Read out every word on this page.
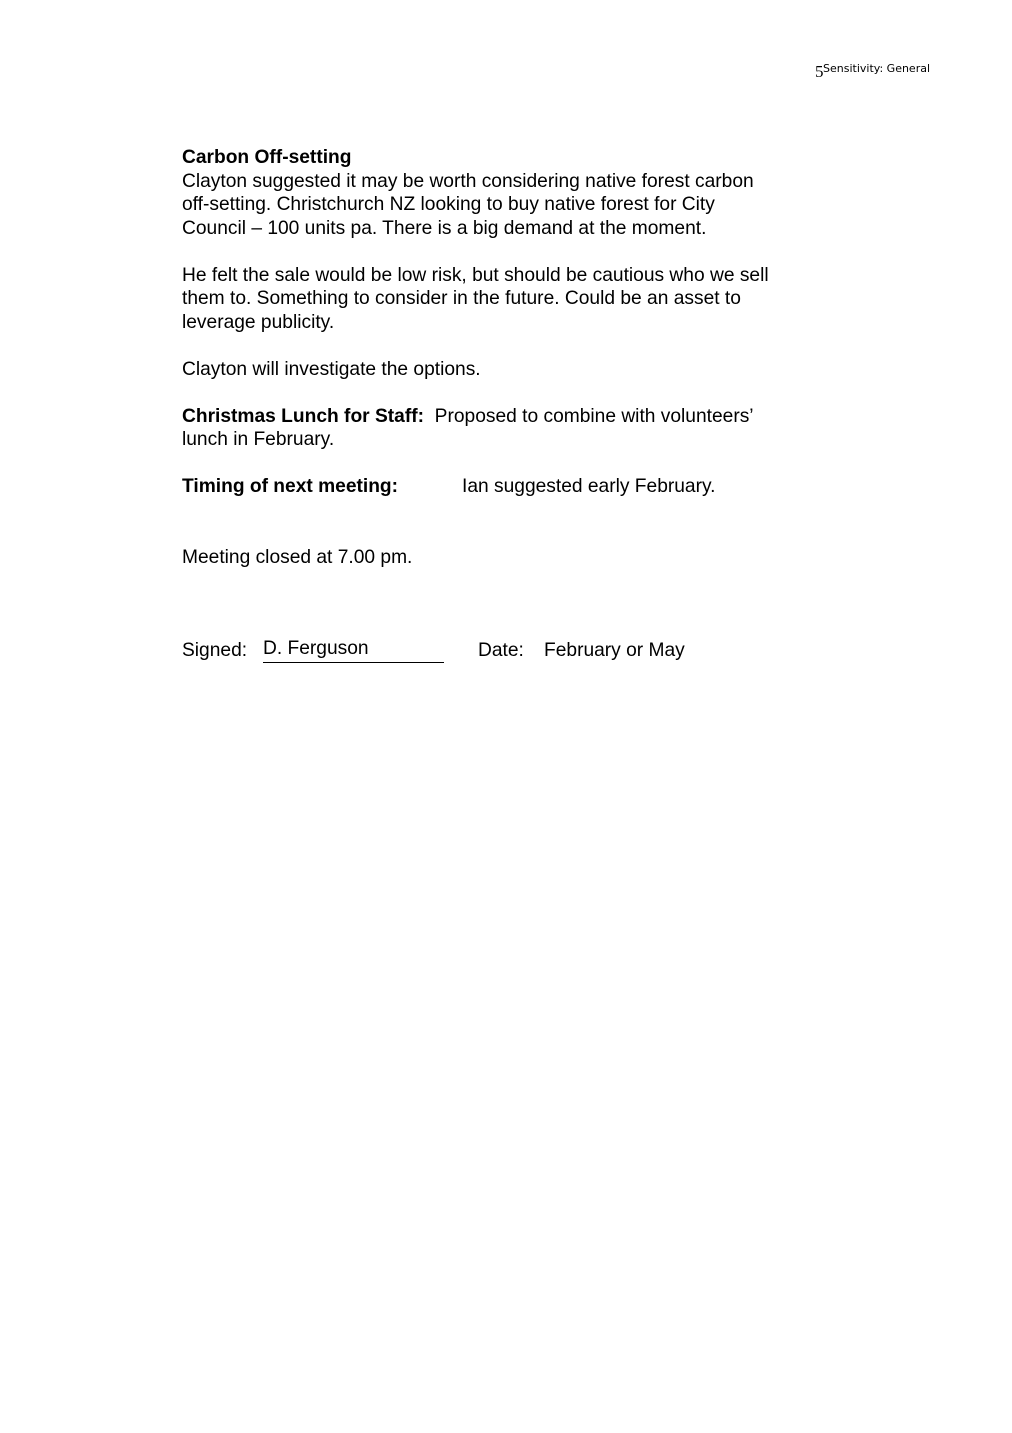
5 Sensitivity: General
Carbon Off-setting
Clayton suggested it may be worth considering native forest carbon
off-setting. Christchurch NZ looking to buy native forest for City
Council – 100 units pa. There is a big demand at the moment.
He felt the sale would be low risk, but should be cautious who we sell
them to. Something to consider in the future. Could be an asset to
leverage publicity.
Clayton will investigate the options.
Christmas Lunch for Staff: Proposed to combine with volunteers’
lunch in February.
Timing of next meeting:	Ian suggested early February.
Meeting closed at 7.00 pm.
Signed: D. Ferguson	Date:	February or May
